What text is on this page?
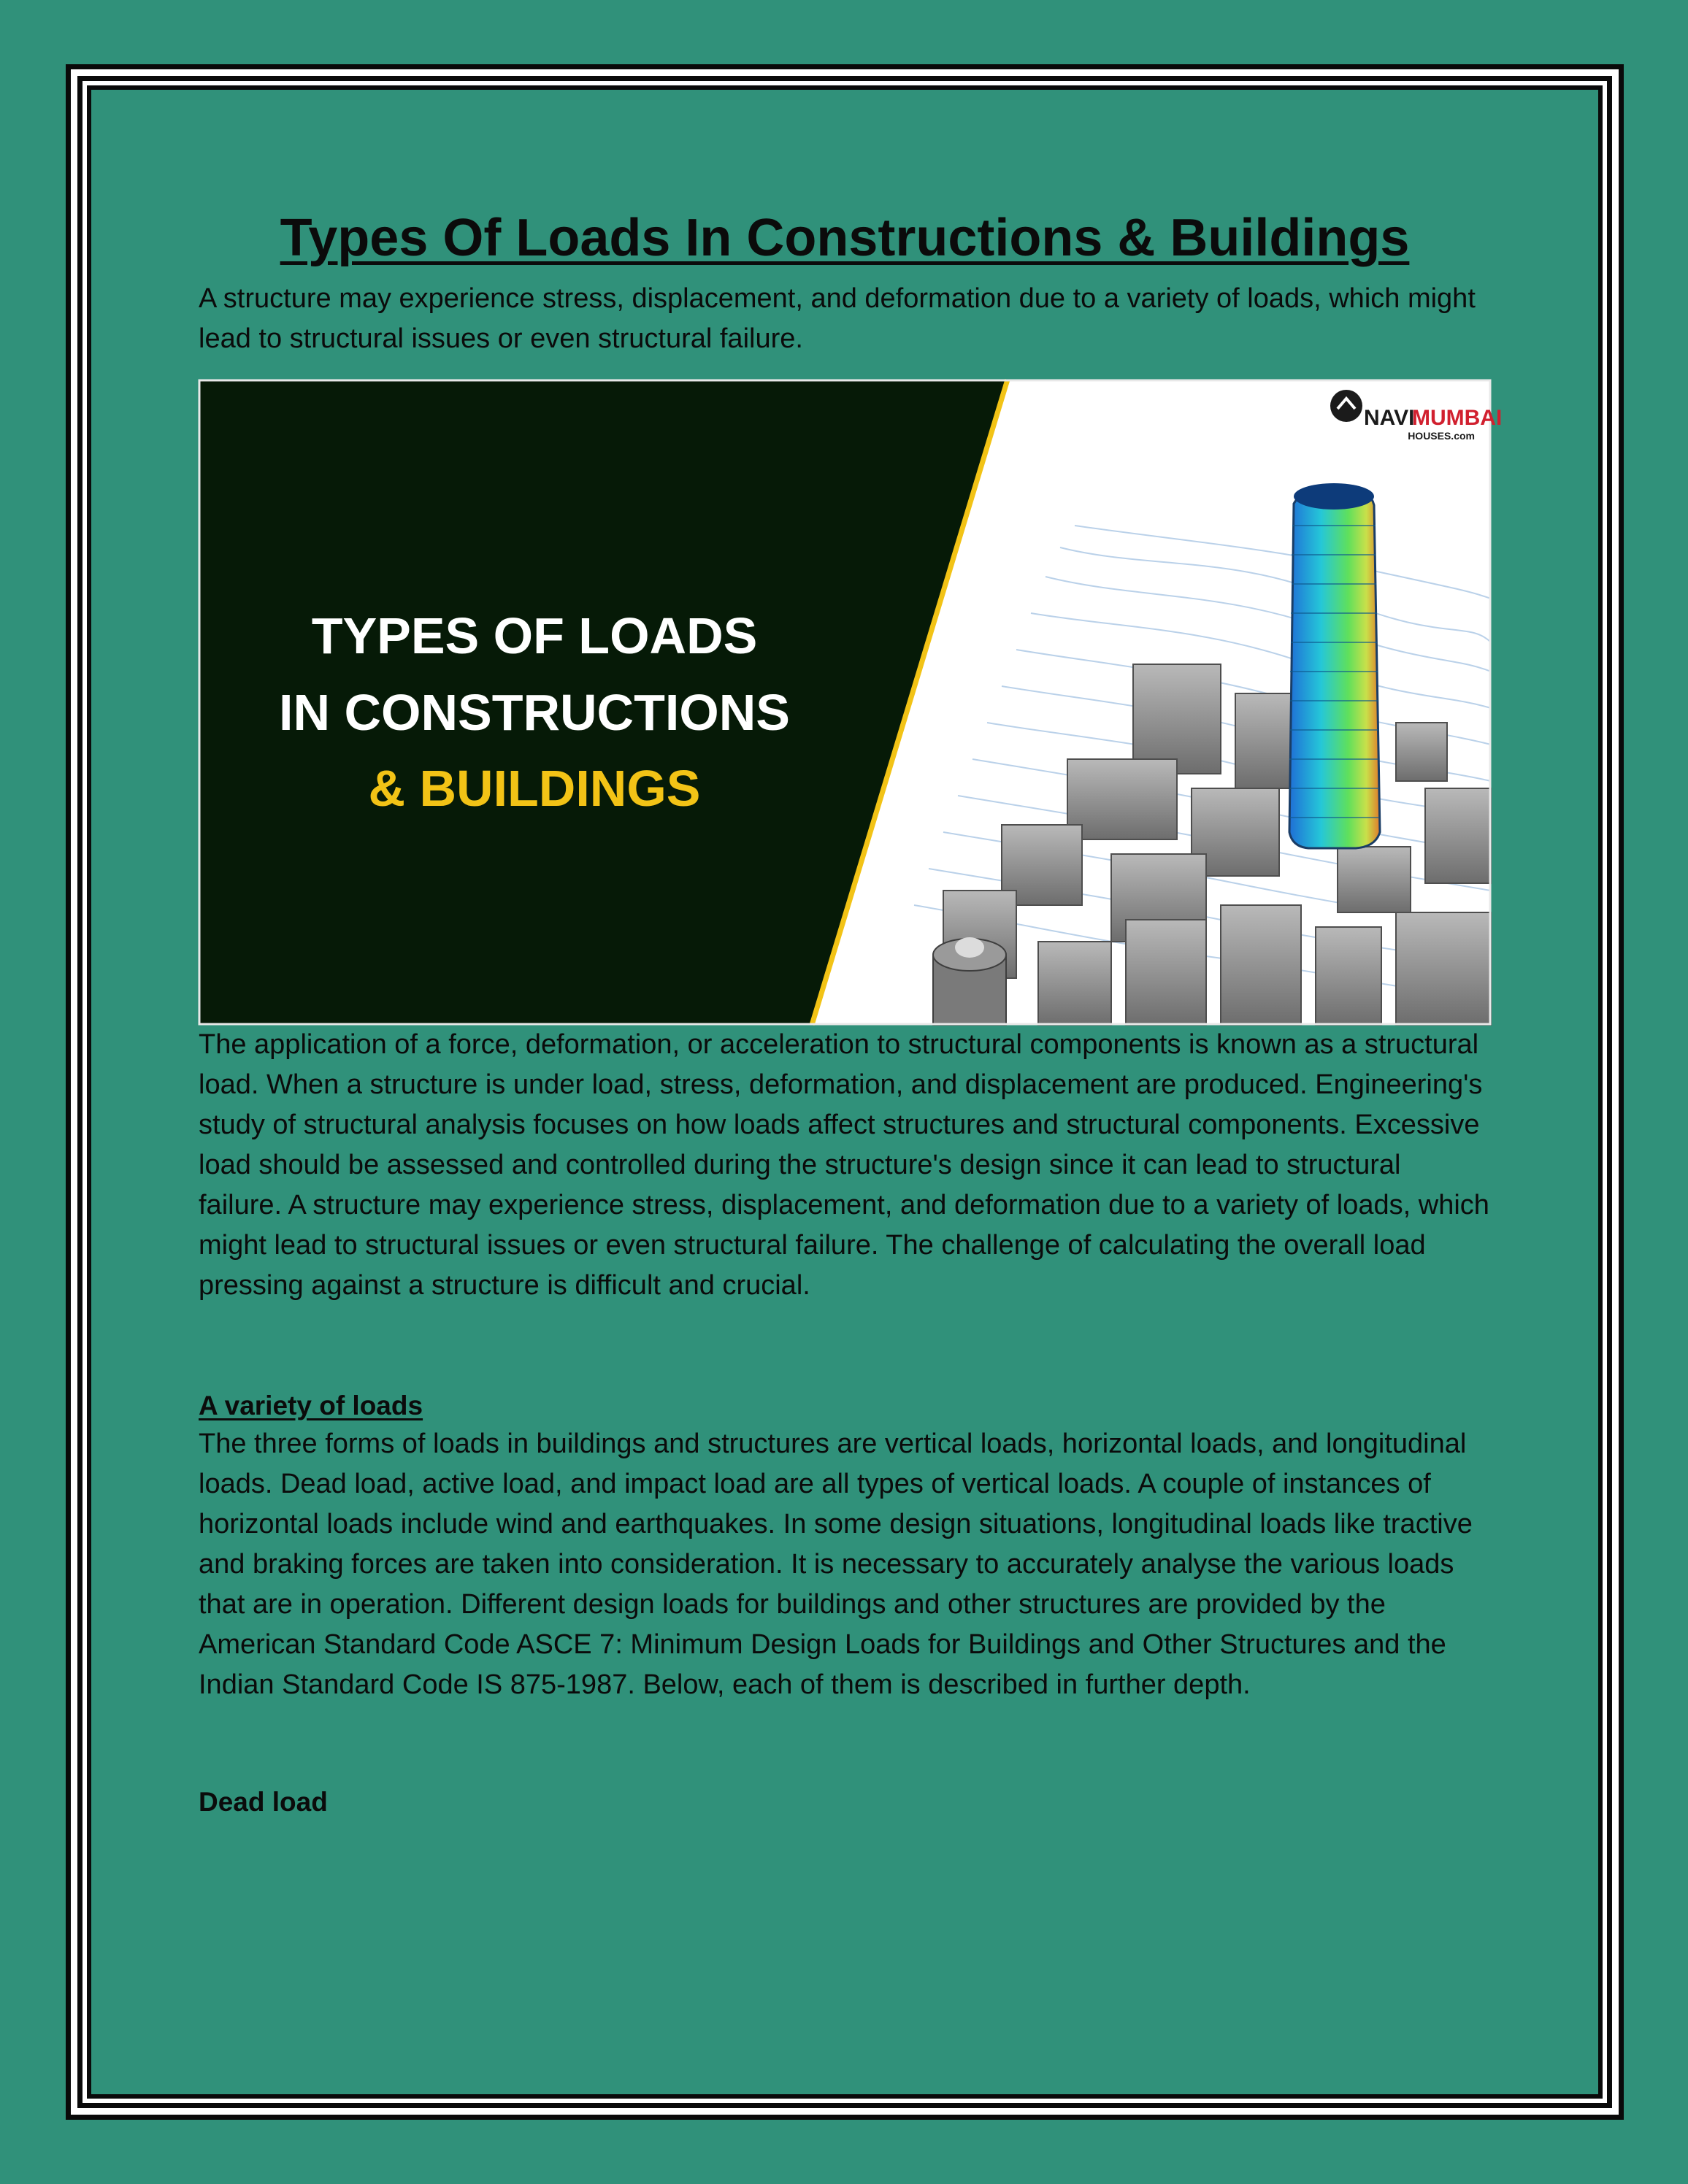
Types Of Loads In Constructions & Buildings

A structure may experience stress, displacement, and deformation due to a variety of loads, which might lead to structural issues or even structural failure.

TYPES OF LOADS
IN CONSTRUCTIONS
& BUILDINGS
NAVI
MUMBAI
HOUSES.com

The application of a force, deformation, or acceleration to structural components is known as a structural load. When a structure is under load, stress, deformation, and displacement are produced. Engineering's study of structural analysis focuses on how loads affect structures and structural components. Excessive load should be assessed and controlled during the structure's design since it can lead to structural failure. A structure may experience stress, displacement, and deformation due to a variety of loads, which might lead to structural issues or even structural failure. The challenge of calculating the overall load pressing against a structure is difficult and crucial.

A variety of loads

The three forms of loads in buildings and structures are vertical loads, horizontal loads, and longitudinal loads. Dead load, active load, and impact load are all types of vertical loads. A couple of instances of horizontal loads include wind and earthquakes. In some design situations, longitudinal loads like tractive and braking forces are taken into consideration. It is necessary to accurately analyse the various loads that are in operation. Different design loads for buildings and other structures are provided by the American Standard Code ASCE 7: Minimum Design Loads for Buildings and Other Structures and the Indian Standard Code IS 875-1987. Below, each of them is described in further depth.

Dead load
